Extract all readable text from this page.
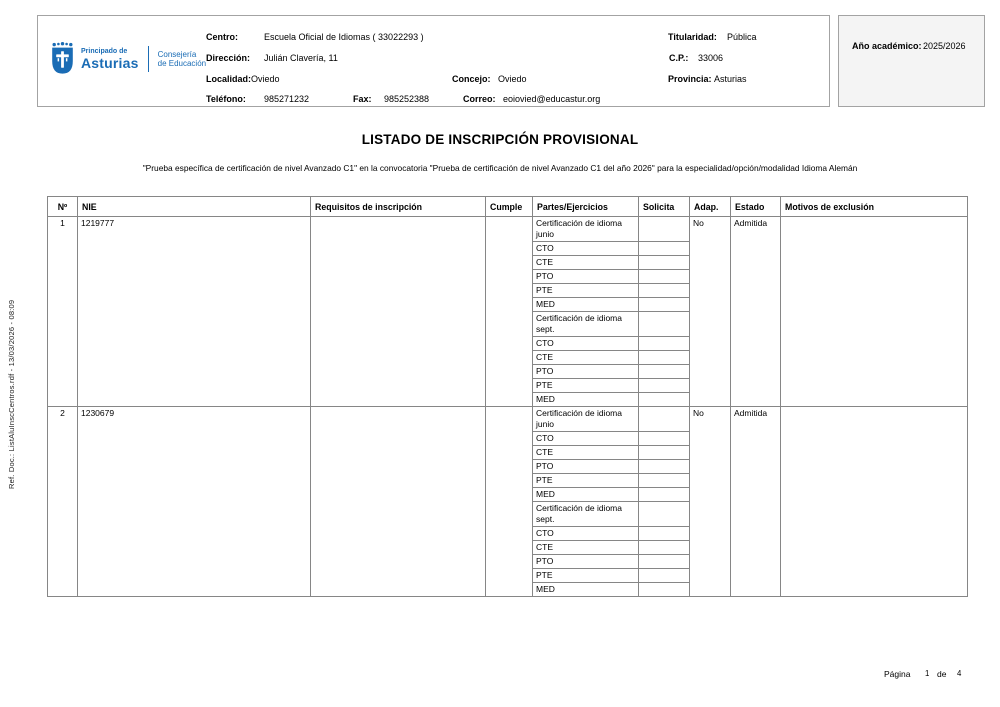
Ref. Doc.: ListAluInscCentros.rdf - 13/03/2026 - 08:09
Principado de
Asturias
Consejería
de Educación
Centro:	Escuela Oficial de Idiomas ( 33022293 )	Titularidad: Pública
Dirección: Julián Clavería, 11	C.P.: 33006
Localidad: Oviedo	Concejo: Oviedo	Provincia: Asturias
Teléfono: 985271232	Fax: 985252388	Correo: eoiovied@educastur.org
Año académico: 2025/2026
LISTADO DE INSCRIPCIÓN PROVISIONAL
"Prueba específica de certificación de nivel Avanzado C1" en la convocatoria "Prueba de certificación de nivel Avanzado C1 del año 2026" para la especialidad/opción/modalidad Idioma Alemán
Nº	NIE	Requisitos de inscripción	Cumple	Partes/Ejercicios	Solicita	Adap.	Estado	Motivos de exclusión
1	1219777			Certificación de idioma junio		No	Admitida	
				CTO				
				CTE				
				PTO				
				PTE				
				MED				
				Certificación de idioma sept.				
				CTO				
				CTE				
				PTO				
				PTE				
				MED				
2	1230679			Certificación de idioma junio		No	Admitida	
				CTO				
				CTE				
				PTO				
				PTE				
				MED				
				Certificación de idioma sept.				
				CTO				
				CTE				
				PTO				
				PTE				
				MED				
Página 1 de 4
